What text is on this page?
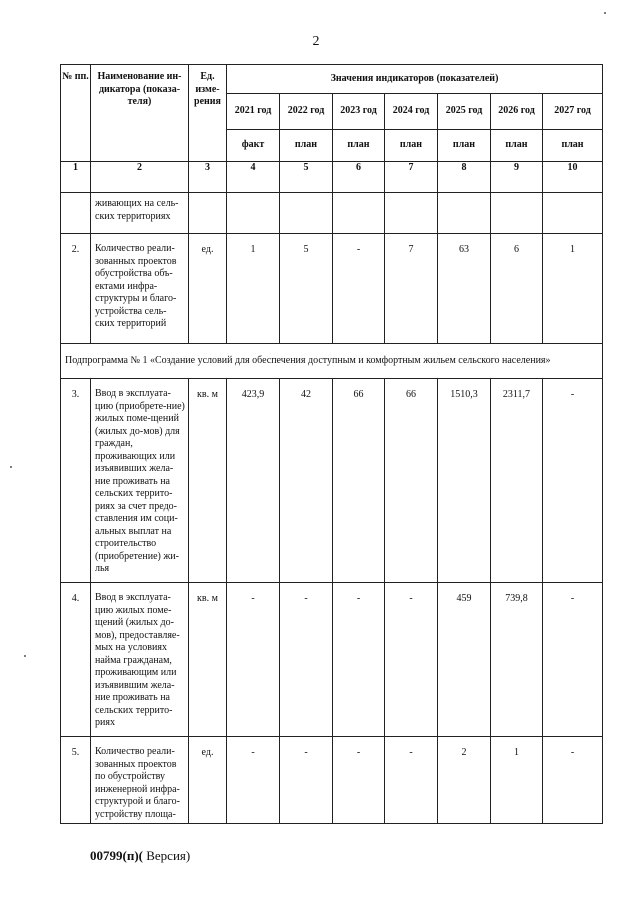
2
№ пп.	Наименование ин-дикатора (показа-теля)	Ед. изме-рения	Значения индикаторов (показателей)						
			2021 год	2022 год	2023 год	2024 год	2025 год	2026 год	2027 год
			факт	план	план	план	план	план	план
1	2	3	4	5	6	7	8	9	10
	живающих на сель-ских территориях								
2.	Количество реали-зованных проектов обустройства объ-ектами инфра-структуры и благо-устройства сель-ских территорий	ед.	1	5	-	7	63	6	1
Подпрограмма № 1 «Создание условий для обеспечения доступным и комфортным жильем сельского населения»									
3.	Ввод в эксплуата-цию (приобрете-ние) жилых поме-щений (жилых до-мов) для граждан, проживающих или изъявивших жела-ние проживать на сельских террито-риях за счет предо-ставления им соци-альных выплат на строительство (приобретение) жи-лья	кв. м	423,9	42	66	66	1510,3	2311,7	-
4.	Ввод в эксплуата-цию жилых поме-щений (жилых до-мов), предоставляе-мых на условиях найма гражданам, проживающим или изъявившим жела-ние проживать на сельских террито-риях	кв. м	-	-	-	-	459	739,8	-
5.	Количество реали-зованных проектов по обустройству инженерной инфра-структурой и благо-устройству площа-	ед.	-	-	-	-	2	1	-
00799(п)( Версия)
